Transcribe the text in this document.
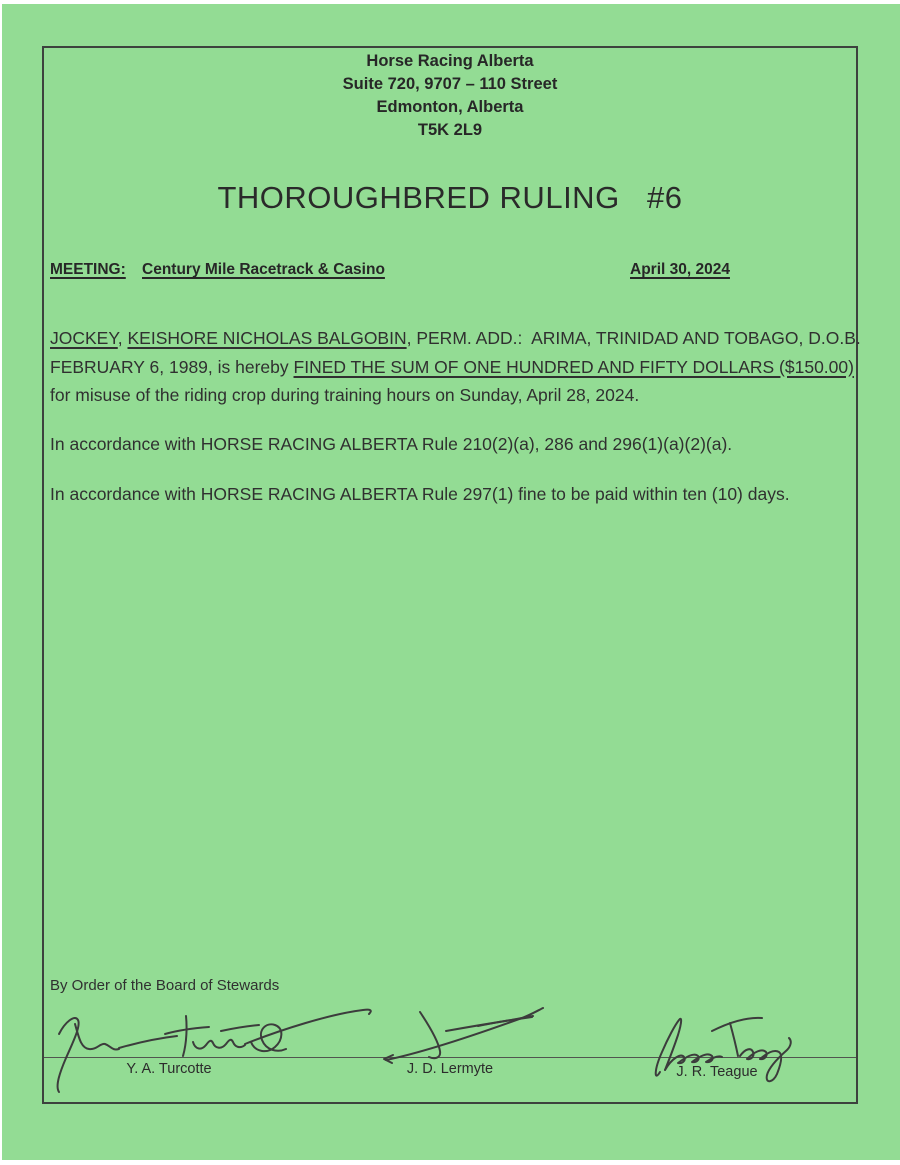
Horse Racing Alberta
Suite 720, 9707 – 110 Street
Edmonton, Alberta
T5K 2L9
THOROUGHBRED RULING   #6
MEETING: Century Mile Racetrack & Casino	April 30, 2024

JOCKEY, KEISHORE NICHOLAS BALGOBIN, PERM. ADD.:  ARIMA, TRINIDAD AND TOBAGO, D.O.B. FEBRUARY 6, 1989, is hereby FINED THE SUM OF ONE HUNDRED AND FIFTY DOLLARS ($150.00) for misuse of the riding crop during training hours on Sunday, April 28, 2024.

In accordance with HORSE RACING ALBERTA Rule 210(2)(a), 286 and 296(1)(a)(2)(a).

In accordance with HORSE RACING ALBERTA Rule 297(1) fine to be paid within ten (10) days.

By Order of the Board of Stewards
Y. A. Turcotte	J. D. Lermyte	J. R. Teague
